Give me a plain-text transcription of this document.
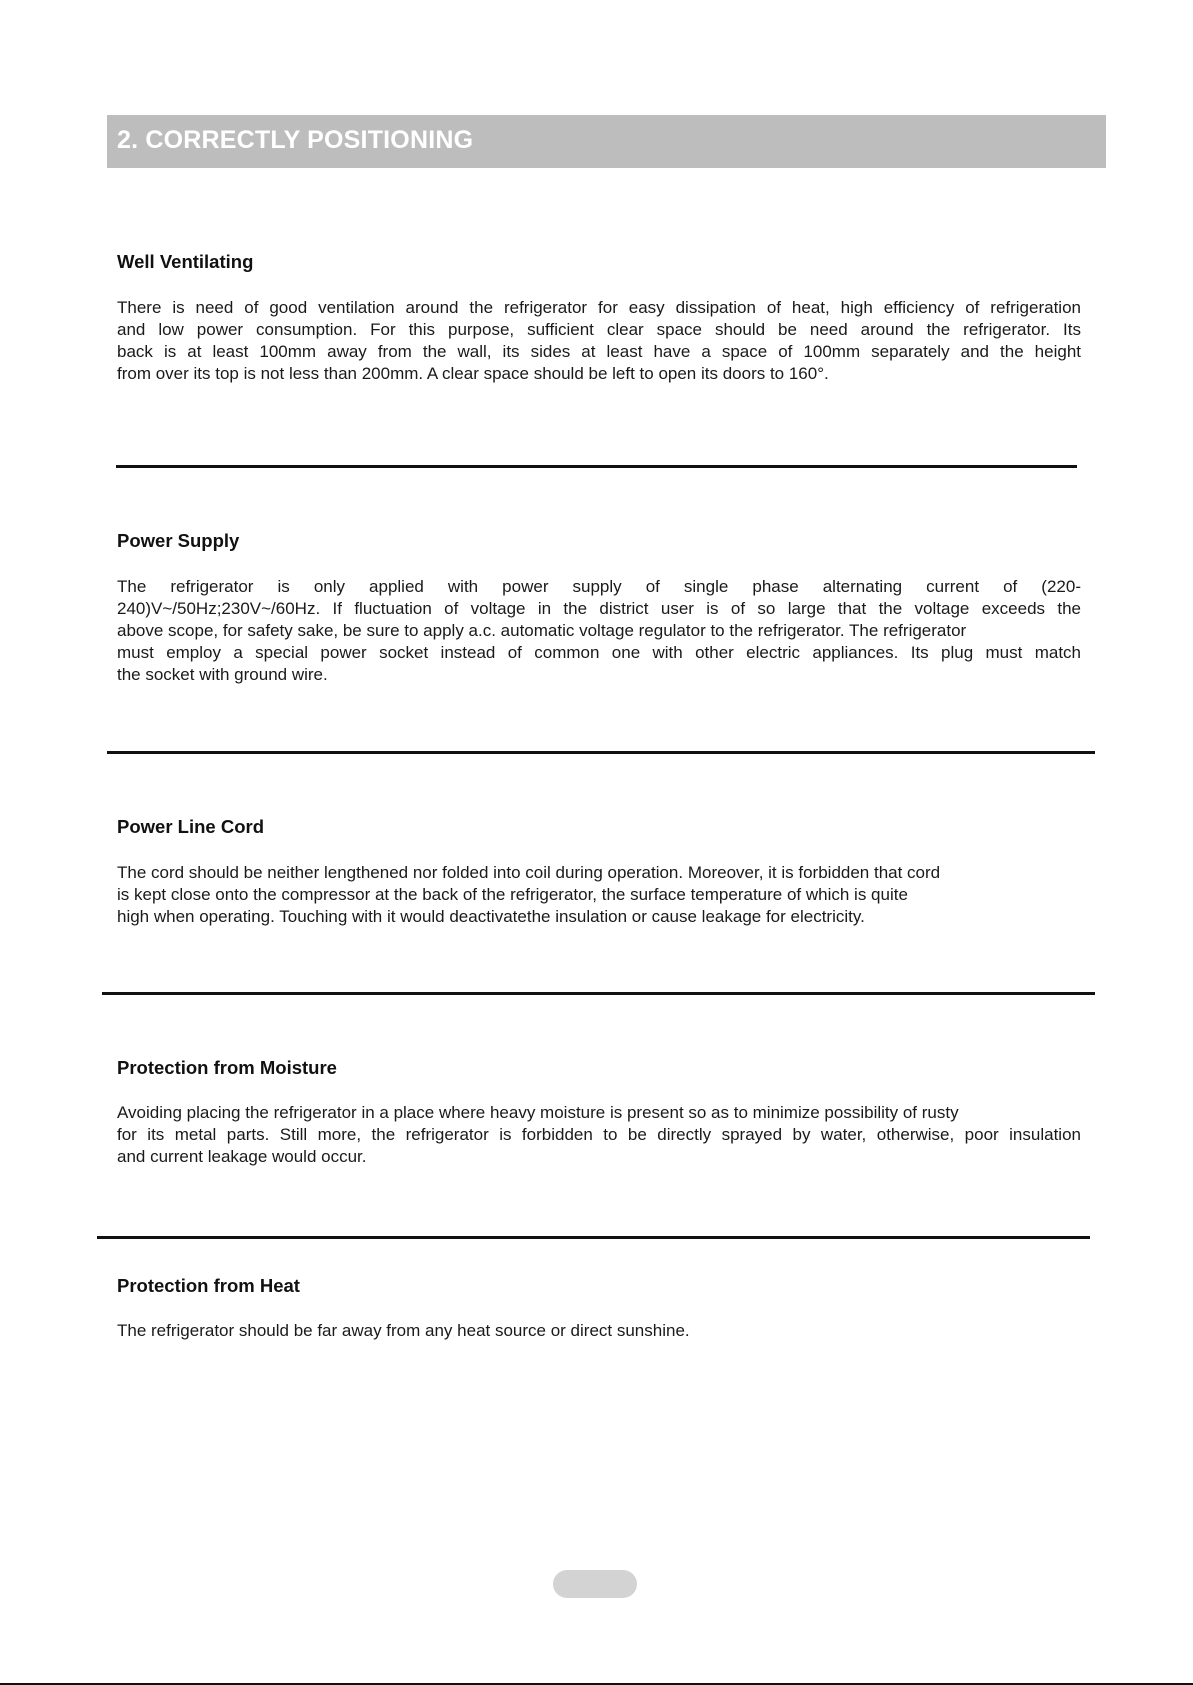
2. CORRECTLY POSITIONING
Well Ventilating
There is need of good ventilation around the refrigerator for easy dissipation of heat, high efficiency of refrigeration
and low power consumption. For this purpose, sufficient clear space should be need around the refrigerator. Its
back is at least 100mm away from the wall, its sides at least have a space of 100mm separately and the height
from over its top is not less than 200mm. A clear space should be left to open its doors to 160°.
Power Supply
The refrigerator is only applied with power supply of single phase alternating current of (220-
240)V~/50Hz;230V~/60Hz. If fluctuation of voltage in the district user is of so large that the voltage exceeds the
above scope, for safety sake, be sure to apply a.c. automatic voltage regulator to the refrigerator. The refrigerator
must employ a special power socket instead of common one with other electric appliances. Its plug must match
the socket with ground wire.
Power Line Cord
The cord should be neither lengthened nor folded into coil during operation. Moreover, it is forbidden that cord
is kept close onto the compressor at the back of the refrigerator, the surface temperature of which is quite
high when operating. Touching with it would deactivatethe insulation or cause leakage for electricity.
Protection from Moisture
Avoiding placing the refrigerator in a place where heavy moisture is present so as to minimize possibility of rusty
for its metal parts. Still more, the refrigerator is forbidden to be directly sprayed by water, otherwise, poor insulation
and current leakage would occur.
Protection from Heat
The refrigerator should be far away from any heat source or direct sunshine.
